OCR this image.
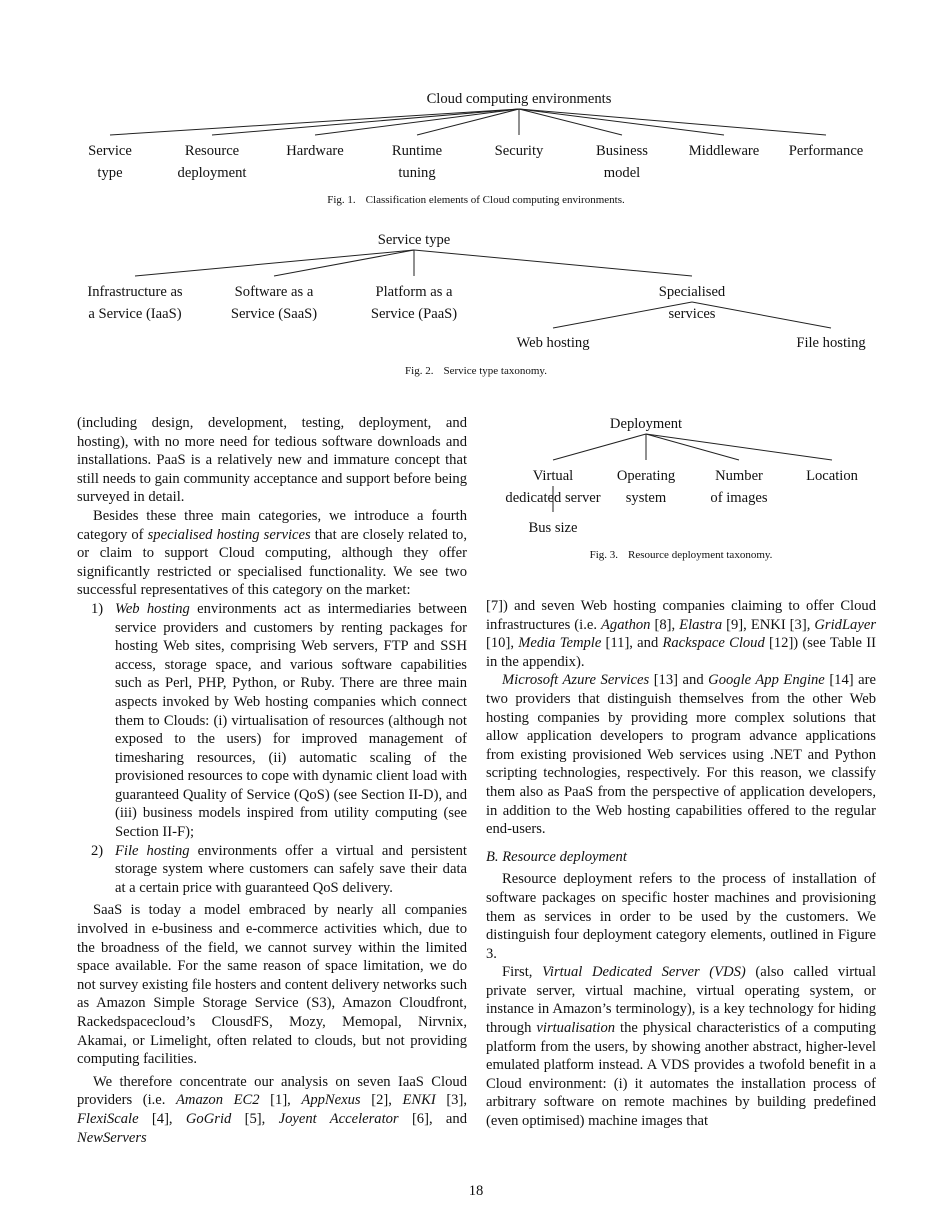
Cloud computing environments
Service
type
Resource
deployment
Hardware	Runtime
tuning
Security	Business
model
Middleware Performance
Fig. 1. Classification elements of Cloud computing environments.
Service type
Infrastructure as
a Service (IaaS)
Software as a
Service (SaaS)
Platform as a
Service (PaaS)
Specialised
services
Web hosting	File hosting
Fig. 2. Service type taxonomy.
Deployment
Virtual
dedicated server
Operating
system
Number
of images
Location
Bus size
Fig. 3. Resource deployment taxonomy.

(including design, development, testing, deployment, and hosting), with no more need for tedious software downloads and installations. PaaS is a relatively new and immature concept that still needs to gain community acceptance and support before being surveyed in detail.

Besides these three main categories, we introduce a fourth category of specialised hosting services that are closely related to, or claim to support Cloud computing, although they offer significantly restricted or specialised functionality. We see two successful representatives of this category on the market:

1) Web hosting environments act as intermediaries between service providers and customers by renting packages for hosting Web sites, comprising Web servers, FTP and SSH access, storage space, and various software capabilities such as Perl, PHP, Python, or Ruby. There are three main aspects invoked by Web hosting companies which connect them to Clouds: (i) virtualisation of resources (although not exposed to the users) for improved management of timesharing resources, (ii) automatic scaling of the provisioned resources to cope with dynamic client load with guaranteed Quality of Service (QoS) (see Section II-D), and (iii) business models inspired from utility computing (see Section II-F);

2) File hosting environments offer a virtual and persistent storage system where customers can safely save their data at a certain price with guaranteed QoS delivery.

SaaS is today a model embraced by nearly all companies involved in e-business and e-commerce activities which, due to the broadness of the field, we cannot survey within the limited space available. For the same reason of space limitation, we do not survey existing file hosters and content delivery networks such as Amazon Simple Storage Service (S3), Amazon Cloudfront, Rackedspacecloud’s ClousdFS, Mozy, Memopal, Nirvnix, Akamai, or Limelight, often related to clouds, but not providing computing facilities.

We therefore concentrate our analysis on seven IaaS Cloud providers (i.e. Amazon EC2 [1], AppNexus [2], ENKI [3], FlexiScale [4], GoGrid [5], Joyent Accelerator [6], and NewServers

[7]) and seven Web hosting companies claiming to offer Cloud infrastructures (i.e. Agathon [8], Elastra [9], ENKI [3], GridLayer [10], Media Temple [11], and Rackspace Cloud [12]) (see Table II in the appendix).

Microsoft Azure Services [13] and Google App Engine [14] are two providers that distinguish themselves from the other Web hosting companies by providing more complex solutions that allow application developers to program advance applications from existing provisioned Web services using .NET and Python scripting technologies, respectively. For this reason, we classify them also as PaaS from the perspective of application developers, in addition to the Web hosting capabilities offered to the regular end-users.

B. Resource deployment

Resource deployment refers to the process of installation of software packages on specific hoster machines and provisioning them as services in order to be used by the customers. We distinguish four deployment category elements, outlined in Figure 3.

First, Virtual Dedicated Server (VDS) (also called virtual private server, virtual machine, virtual operating system, or instance in Amazon’s terminology), is a key technology for hiding through virtualisation the physical characteristics of a computing platform from the users, by showing another abstract, higher-level emulated platform instead. A VDS provides a twofold benefit in a Cloud environment: (i) it automates the installation process of arbitrary software on remote machines by building predefined (even optimised) machine images that

18
